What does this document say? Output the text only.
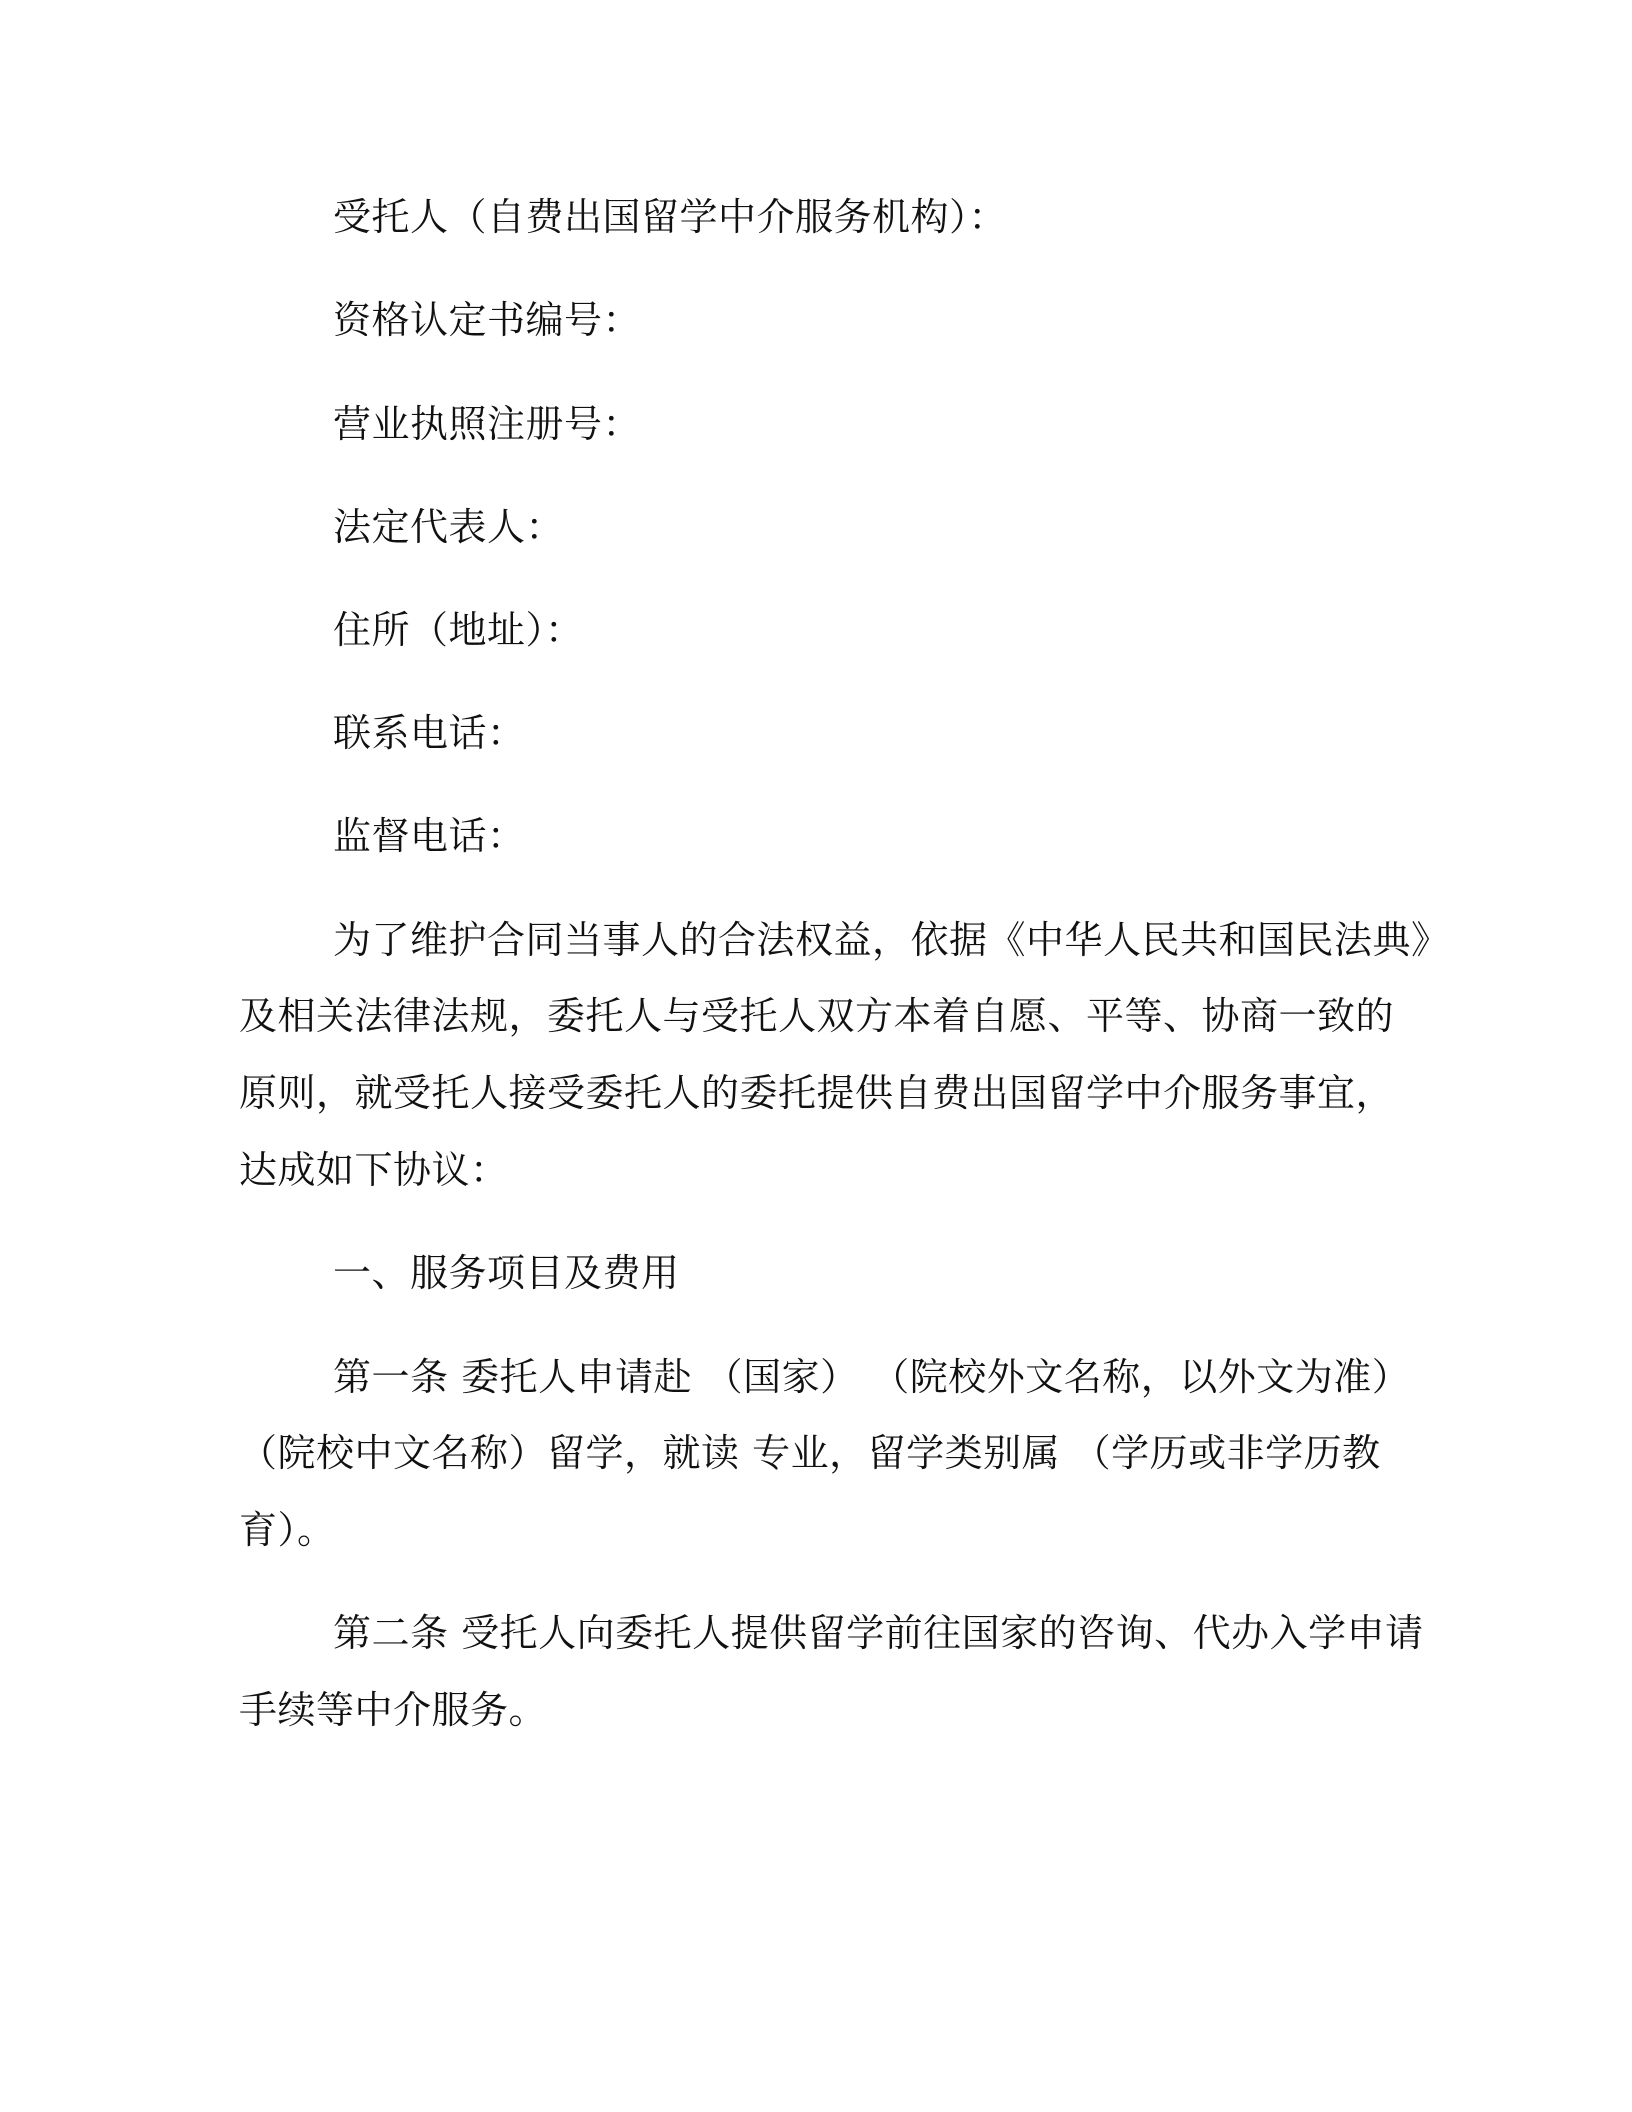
受托人（自费出国留学中介服务机构）：
资格认定书编号：
营业执照注册号：
法定代表人：
住所（地址）：
联系电话：
监督电话：
为了维护合同当事人的合法权益，依据《中华人民共和国民法典》
及相关法律法规，委托人与受托人双方本着自愿、平等、协商一致的
原则，就受托人接受委托人的委托提供自费出国留学中介服务事宜，
达成如下协议：
一、服务项目及费用
第一条 委托人申请赴 （国家） （院校外文名称，以外文为准）
（院校中文名称）留学，就读 专业，留学类别属 （学历或非学历教
育）。
第二条 受托人向委托人提供留学前往国家的咨询、代办入学申请
手续等中介服务。
